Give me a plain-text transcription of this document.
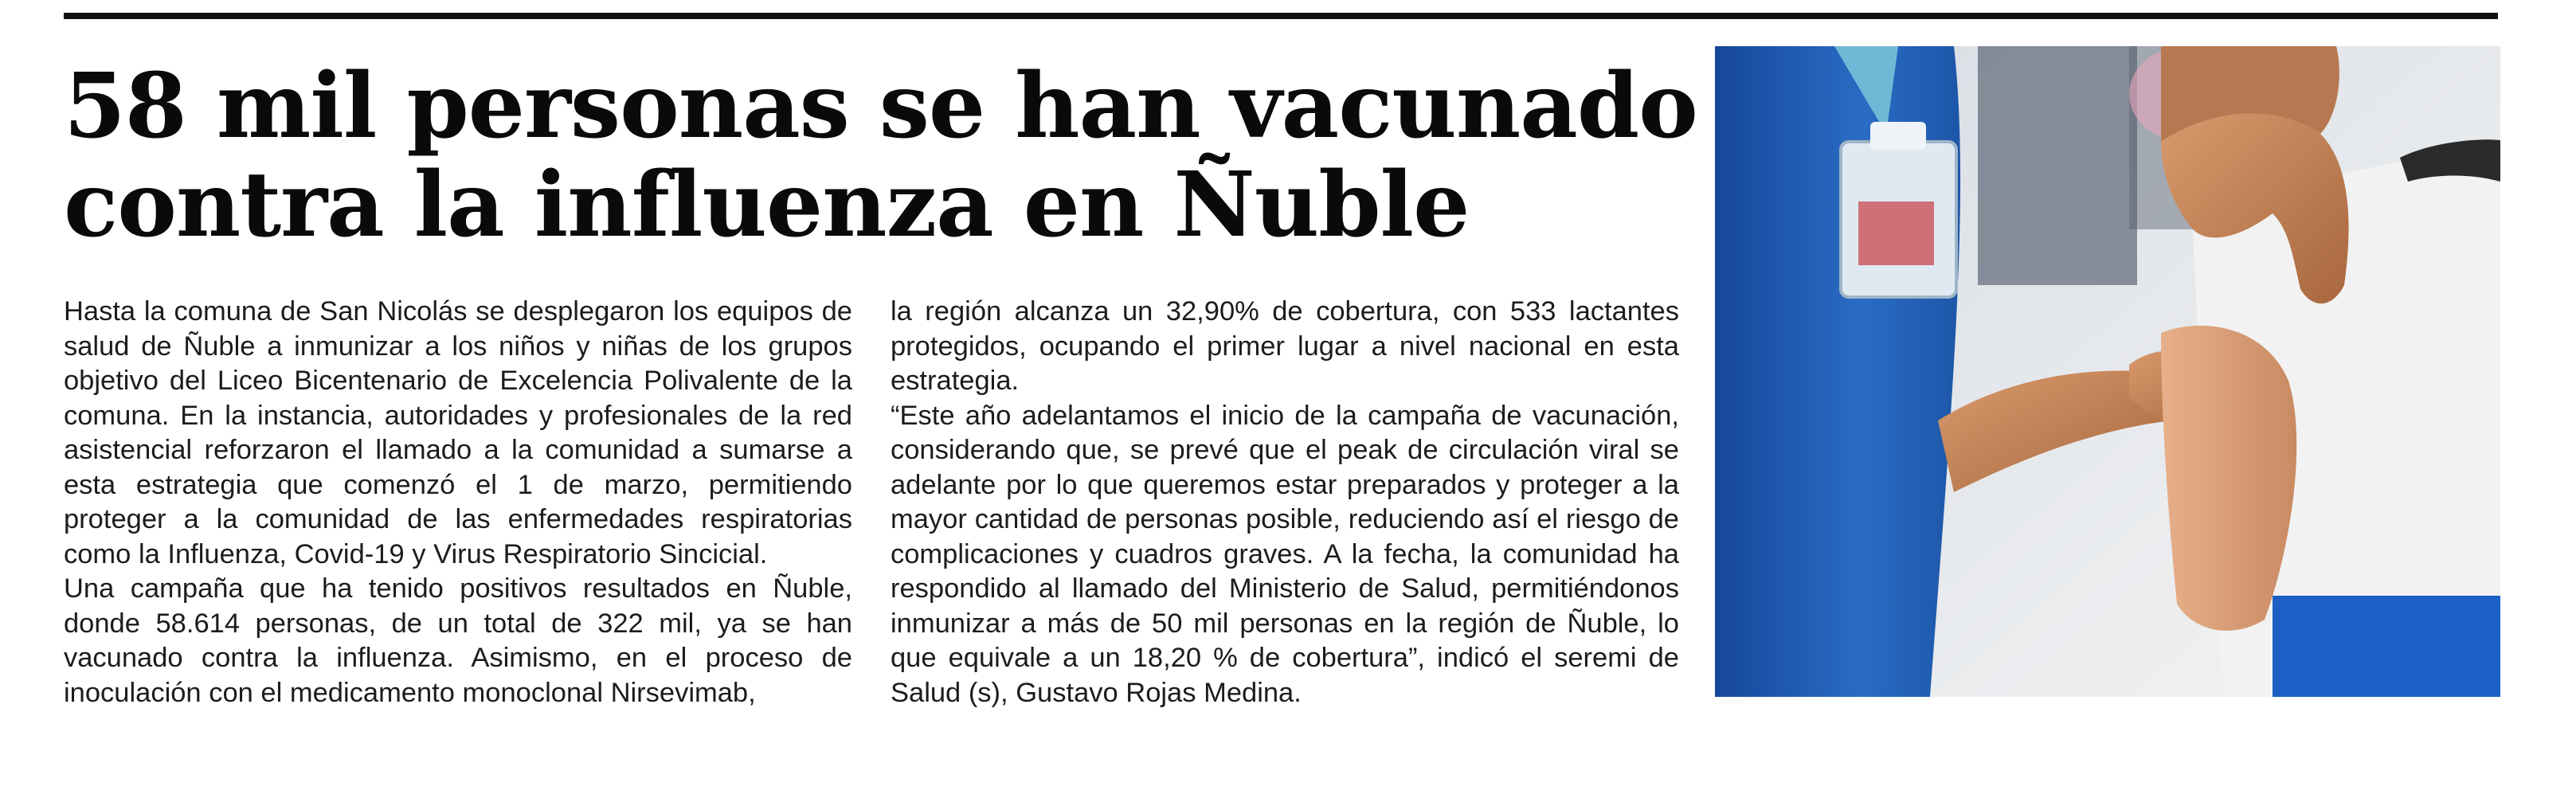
58 mil personas se han vacunado
contra la influenza en Ñuble

Hasta la comuna de San Nicolás se desplegaron los equipos de salud de Ñuble a inmunizar a los niños y niñas de los grupos objetivo del Liceo Bicentenario de Excelencia Polivalente de la comuna. En la instancia, autoridades y profesionales de la red asistencial reforzaron el llamado a la comunidad a sumarse a esta estrategia que comenzó el 1 de marzo, permitiendo proteger a la comunidad de las enfermedades respiratorias como la Influenza, Covid-19 y Virus Respiratorio Sincicial.

Una campaña que ha tenido positivos resultados en Ñuble, donde 58.614 personas, de un total de 322 mil, ya se han vacunado contra la influenza. Asimismo, en el proceso de inoculación con el medicamento monoclonal Nirsevimab,

la región alcanza un 32,90% de cobertura, con 533 lactantes protegidos, ocupando el primer lugar a nivel nacional en esta estrategia.

“Este año adelantamos el inicio de la campaña de vacunación, considerando que, se prevé que el peak de circulación viral se adelante por lo que queremos estar preparados y proteger a la mayor cantidad de personas posible, reduciendo así el riesgo de complicaciones y cuadros graves. A la fecha, la comunidad ha respondido al llamado del Ministerio de Salud, permitiéndonos inmunizar a más de 50 mil personas en la región de Ñuble, lo que equivale a un 18,20 % de cobertura”, indicó el seremi de Salud (s), Gustavo Rojas Medina.
